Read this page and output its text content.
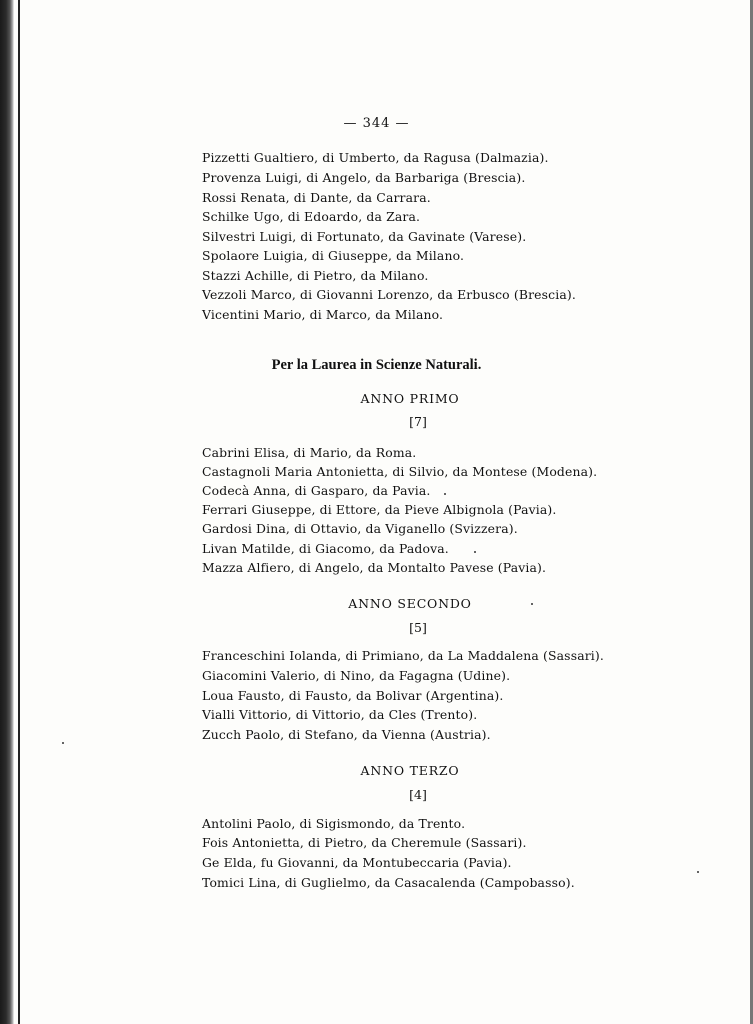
— 344 —
Pizzetti Gualtiero, di Umberto, da Ragusa (Dalmazia).
Provenza Luigi, di Angelo, da Barbariga (Brescia).
Rossi Renata, di Dante, da Carrara.
Schilke Ugo, di Edoardo, da Zara.
Silvestri Luigi, di Fortunato, da Gavinate (Varese).
Spolaore Luigia, di Giuseppe, da Milano.
Stazzi Achille, di Pietro, da Milano.
Vezzoli Marco, di Giovanni Lorenzo, da Erbusco (Brescia).
Vicentini Mario, di Marco, da Milano.
Per la Laurea in Scienze Naturali.
ANNO PRIMO
[7]
Cabrini Elisa, di Mario, da Roma.
Castagnoli Maria Antonietta, di Silvio, da Montese (Modena).
Codecà Anna, di Gasparo, da Pavia.
Ferrari Giuseppe, di Ettore, da Pieve Albignola (Pavia).
Gardosi Dina, di Ottavio, da Viganello (Svizzera).
Livan Matilde, di Giacomo, da Padova.
Mazza Alfiero, di Angelo, da Montalto Pavese (Pavia).
ANNO SECONDO
[5]
Franceschini Iolanda, di Primiano, da La Maddalena (Sassari).
Giacomini Valerio, di Nino, da Fagagna (Udine).
Loua Fausto, di Fausto, da Bolivar (Argentina).
Vialli Vittorio, di Vittorio, da Cles (Trento).
Zucch Paolo, di Stefano, da Vienna (Austria).
ANNO TERZO
[4]
Antolini Paolo, di Sigismondo, da Trento.
Fois Antonietta, di Pietro, da Cheremule (Sassari).
Ge Elda, fu Giovanni, da Montubeccaria (Pavia).
Tomici Lina, di Guglielmo, da Casacalenda (Campobasso).
